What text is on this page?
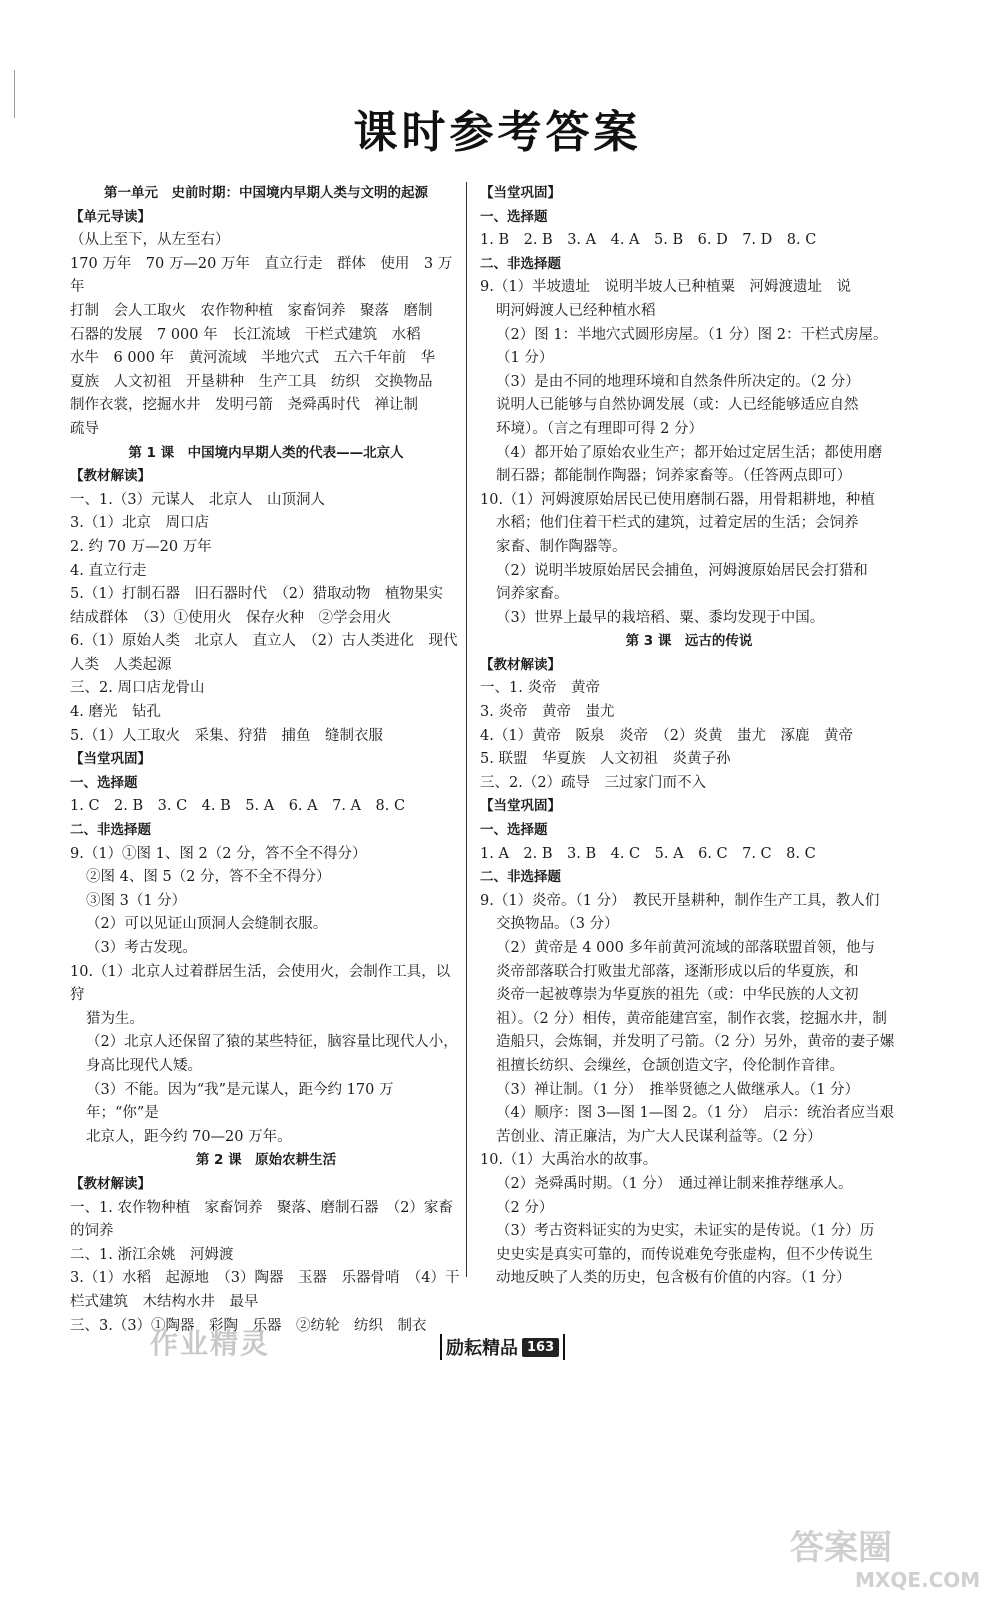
课时参考答案
第一单元　史前时期：中国境内早期人类与文明的起源
【单元导读】
（从上至下，从左至右）
170 万年　70 万—20 万年　直立行走　群体　使用　3 万年
打制　会人工取火　农作物种植　家畜饲养　聚落　磨制
石器的发展　7 000 年　长江流域　干栏式建筑　水稻
水牛　6 000 年　黄河流域　半地穴式　五六千年前　华
夏族　人文初祖　开垦耕种　生产工具　纺织　交换物品
制作衣裳，挖掘水井　发明弓箭　尧舜禹时代　禅让制
疏导
第 1 课　中国境内早期人类的代表——北京人
【教材解读】
一、1.（3）元谋人　北京人　山顶洞人
3.（1）北京　周口店
2. 约 70 万—20 万年
4. 直立行走
5.（1）打制石器　旧石器时代　（2）猎取动物　植物果实
结成群体　（3）①使用火　保存火种　②学会用火
6.（1）原始人类　北京人　直立人　（2）古人类进化　现代
人类　人类起源
三、2. 周口店龙骨山
4. 磨光　钻孔
5.（1）人工取火　采集、狩猎　捕鱼　缝制衣服
【当堂巩固】
一、选择题
1. C　2. B　3. C　4. B　5. A　6. A　7. A　8. C
二、非选择题
9.（1）①图 1、图 2（2 分，答不全不得分）
②图 4、图 5（2 分，答不全不得分）
③图 3（1 分）
（2）可以见证山顶洞人会缝制衣服。
（3）考古发现。
10.（1）北京人过着群居生活，会使用火，会制作工具，以狩
猎为生。
（2）北京人还保留了猿的某些特征，脑容量比现代人小，
身高比现代人矮。
（3）不能。因为“我”是元谋人，距今约 170 万年；“你”是
北京人，距今约 70—20 万年。
第 2 课　原始农耕生活
【教材解读】
一、1. 农作物种植　家畜饲养　聚落、磨制石器　（2）家畜
的饲养
二、1. 浙江余姚　河姆渡
3.（1）水稻　起源地　（3）陶器　玉器　乐器骨哨　（4）干
栏式建筑　木结构水井　最早
三、3.（3）①陶器　彩陶　乐器　②纺轮　纺织　制衣
【当堂巩固】
一、选择题
1. B　2. B　3. A　4. A　5. B　6. D　7. D　8. C
二、非选择题
9.（1）半坡遗址　说明半坡人已种植粟　河姆渡遗址　说
明河姆渡人已经种植水稻
（2）图 1：半地穴式圆形房屋。（1 分）图 2：干栏式房屋。
（1 分）
（3）是由不同的地理环境和自然条件所决定的。（2 分）
说明人已能够与自然协调发展（或：人已经能够适应自然
环境）。（言之有理即可得 2 分）
（4）都开始了原始农业生产；都开始过定居生活；都使用磨
制石器；都能制作陶器；饲养家畜等。（任答两点即可）
10.（1）河姆渡原始居民已使用磨制石器，用骨耜耕地，种植
水稻；他们住着干栏式的建筑，过着定居的生活；会饲养
家畜、制作陶器等。
（2）说明半坡原始居民会捕鱼，河姆渡原始居民会打猎和
饲养家畜。
（3）世界上最早的栽培稻、粟、黍均发现于中国。
第 3 课　远古的传说
【教材解读】
一、1. 炎帝　黄帝
3. 炎帝　黄帝　蚩尤
4.（1）黄帝　阪泉　炎帝　（2）炎黄　蚩尤　涿鹿　黄帝
5. 联盟　华夏族　人文初祖　炎黄子孙
三、2.（2）疏导　三过家门而不入
【当堂巩固】
一、选择题
1. A　2. B　3. B　4. C　5. A　6. C　7. C　8. C
二、非选择题
9.（1）炎帝。（1 分）　教民开垦耕种，制作生产工具，教人们
交换物品。（3 分）
（2）黄帝是 4 000 多年前黄河流域的部落联盟首领，他与
炎帝部落联合打败蚩尤部落，逐渐形成以后的华夏族，和
炎帝一起被尊崇为华夏族的祖先（或：中华民族的人文初
祖）。（2 分）相传，黄帝能建宫室，制作衣裳，挖掘水井，制
造船只，会炼铜，并发明了弓箭。（2 分）另外，黄帝的妻子嫘
祖擅长纺织、会缫丝，仓颉创造文字，伶伦制作音律。
（3）禅让制。（1 分）　推举贤德之人做继承人。（1 分）
（4）顺序：图 3—图 1—图 2。（1 分）　启示：统治者应当艰
苦创业、清正廉洁，为广大人民谋利益等。（2 分）
10.（1）大禹治水的故事。
（2）尧舜禹时期。（1 分）　通过禅让制来推荐继承人。
（2 分）
（3）考古资料证实的为史实，未证实的是传说。（1 分）历
史史实是真实可靠的，而传说难免夸张虚构，但不少传说生
动地反映了人类的历史，包含极有价值的内容。（1 分）
励耘精品 163
作业精灵
答案圈
MXQE.COM
